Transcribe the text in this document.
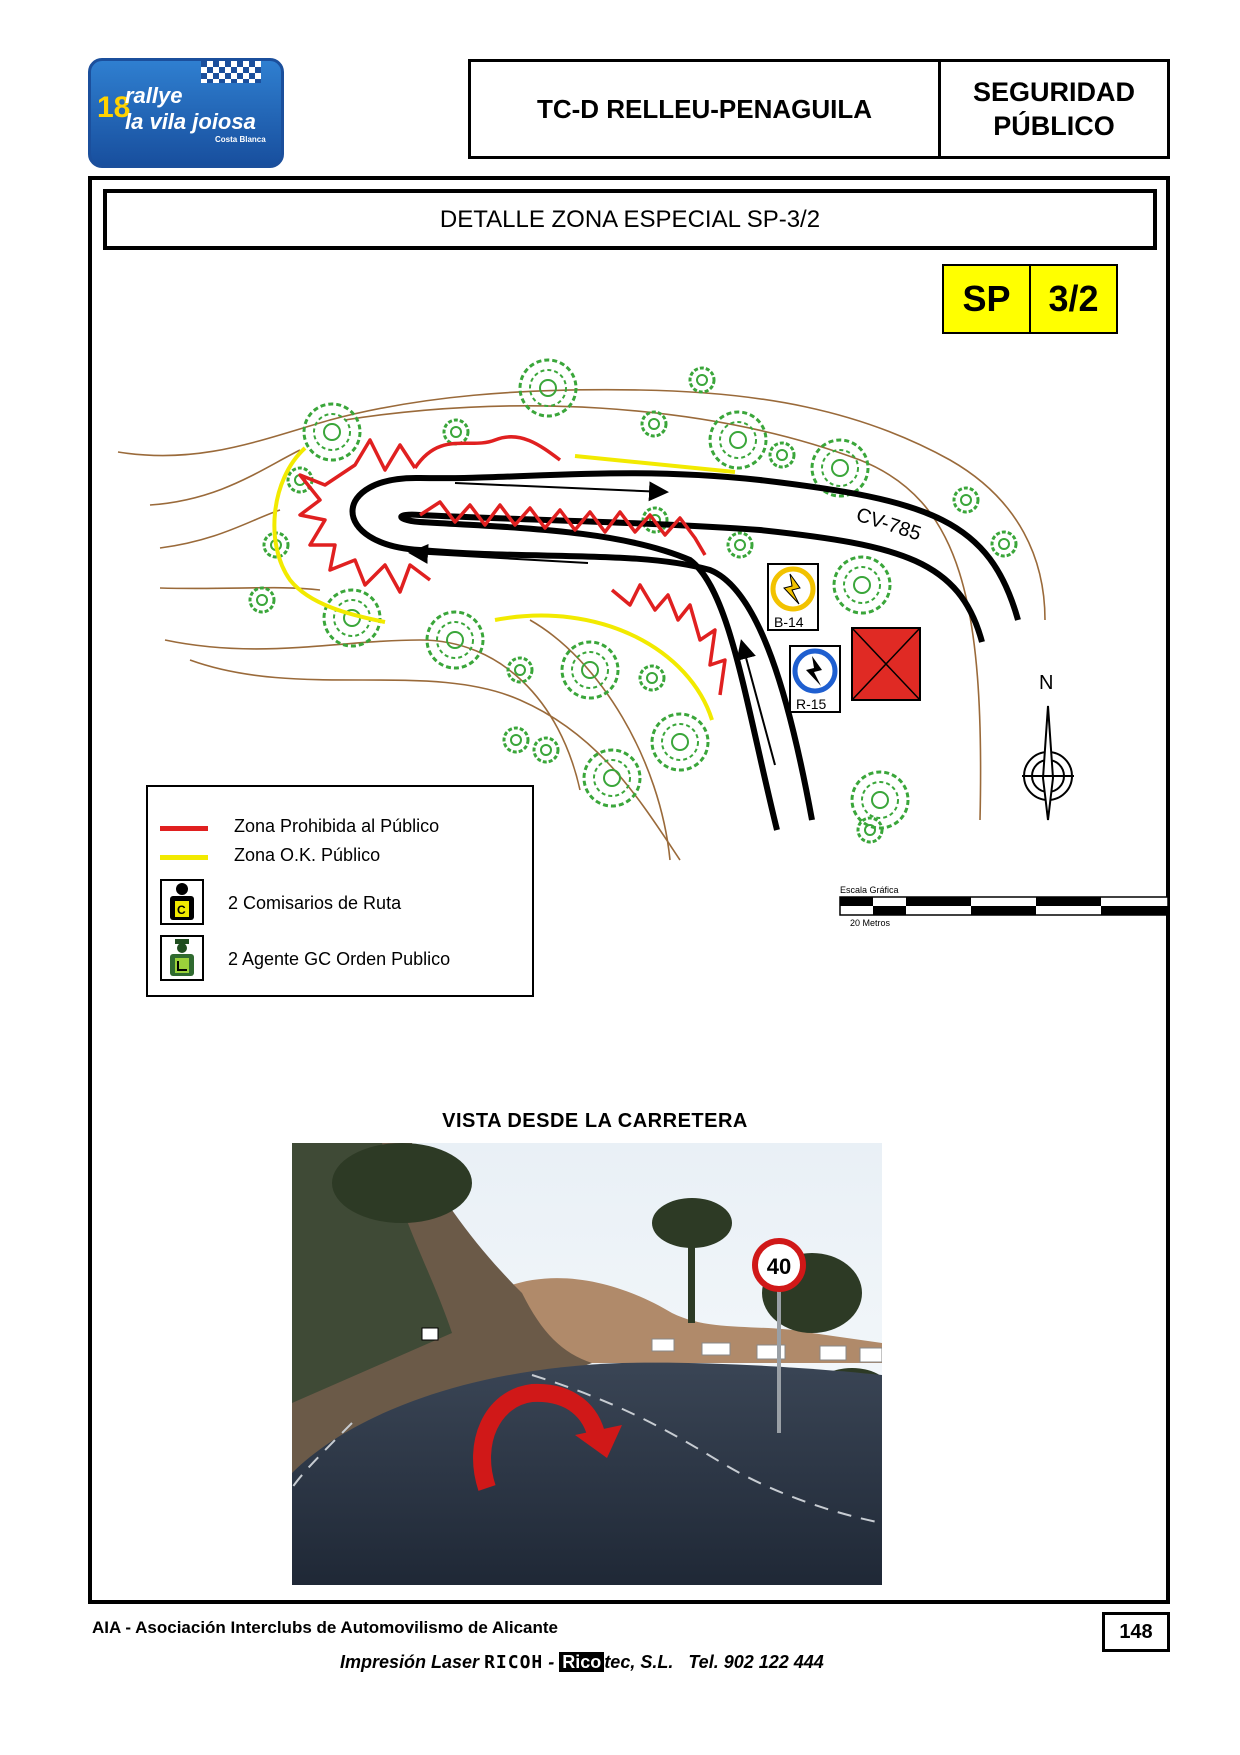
18
rallye
la vila joiosa
Costa Blanca
TC-D RELLEU-PENAGUILA
SEGURIDAD
PÚBLICO
DETALLE ZONA ESPECIAL SP-3/2
SP	3/2
CV-785
B-14
R-15
N
Escala Gráfica
20 Metros
Zona Prohibida al Público
Zona O.K. Público
C 2 Comisarios de Ruta
2 Agente GC Orden Publico
VISTA DESDE LA CARRETERA
40
AIA - Asociación Interclubs de Automovilismo de Alicante	148
Impresión Laser RICOH - Rico tec, S.L. Tel. 902 122 444
